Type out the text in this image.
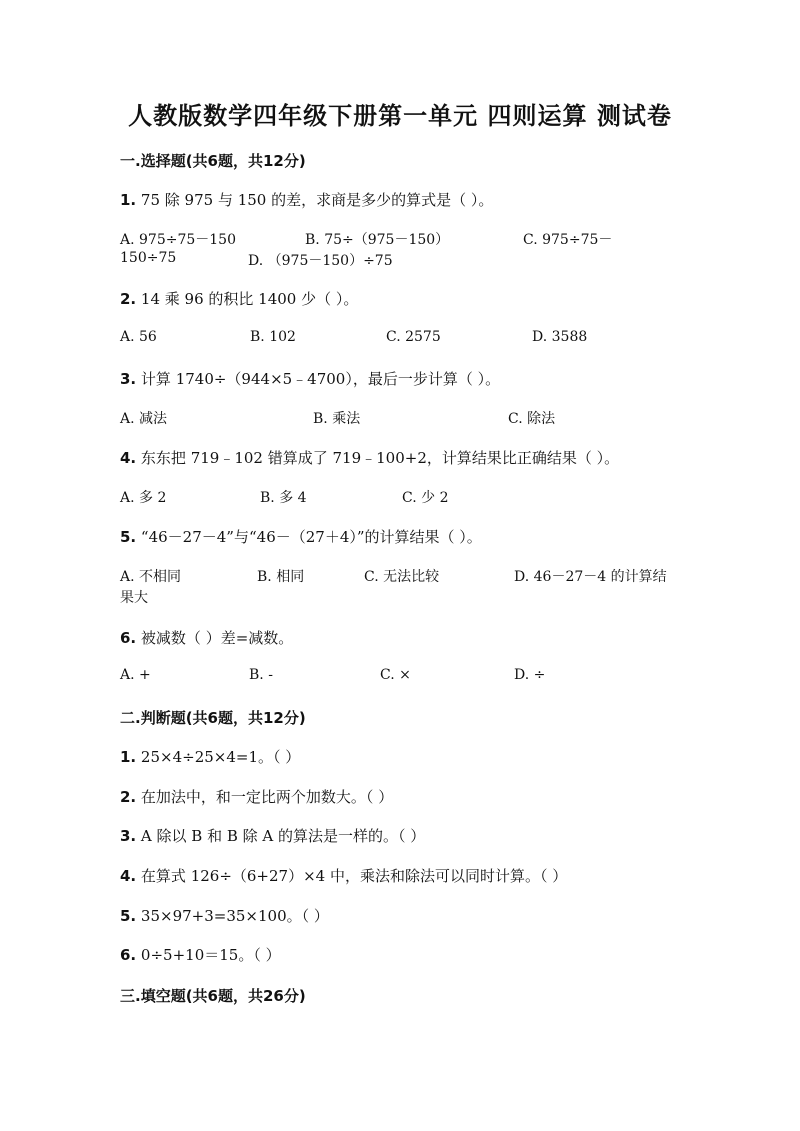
人教版数学四年级下册第一单元 四则运算 测试卷
一.选择题(共6题，共12分)
1. 75 除 975 与 150 的差，求商是多少的算式是（ ）。
A. 975÷75－150	B. 75÷（975－150）	C. 975÷75－
150÷75	D. （975－150）÷75
2. 14 乘 96 的积比 1400 少（ ）。
A. 56	B. 102	C. 2575	D. 3588
3. 计算 1740÷（944×5﹣4700），最后一步计算（ ）。
A. 减法	B. 乘法	C. 除法
4. 东东把 719﹣102 错算成了 719﹣100+2，计算结果比正确结果（ ）。
A. 多 2	B. 多 4	C. 少 2
5. “46－27－4”与“46－（27＋4）”的计算结果（ ）。
A. 不相同	B. 相同	C. 无法比较	D. 46－27－4 的计算结
果大
6. 被减数（ ）差=减数。
A. +	B. -	C. ×	D. ÷
二.判断题(共6题，共12分)
1. 25×4÷25×4=1。（ ）
2. 在加法中，和一定比两个加数大。（ ）
3. A 除以 B 和 B 除 A 的算法是一样的。（ ）
4. 在算式 126÷（6+27）×4 中，乘法和除法可以同时计算。（ ）
5. 35×97+3=35×100。（ ）
6. 0÷5+10＝15。（ ）
三.填空题(共6题，共26分)
